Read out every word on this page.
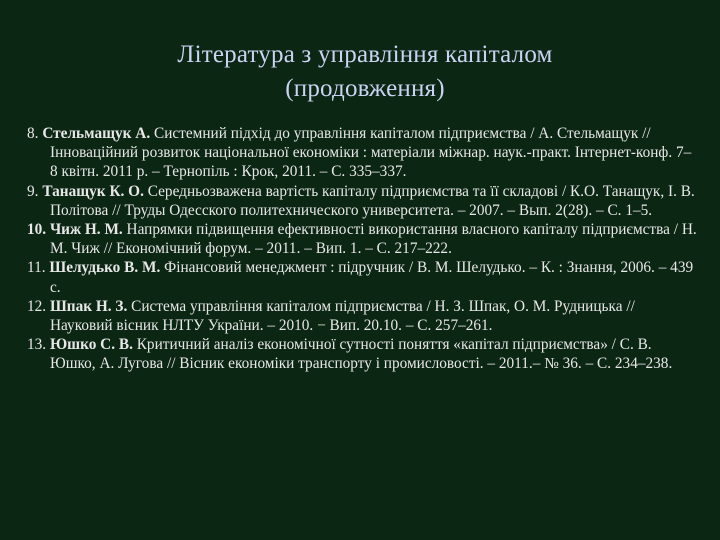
Література з управління капіталом
(продовження)

8. Стельмащук А. Системний підхід до управління капіталом підприємства / А. Стельмащук // Інноваційний розвиток національної економіки : матеріали міжнар. наук.-практ. Інтернет-конф. 7–8 квітн. 2011 р. – Тернопіль : Крок, 2011. – С. 335–337.

9. Танащук К. О. Середньозважена вартість капіталу підприємства та її складові / К.О. Танащук, І. В. Політова // Труды Одесского политехнического университета. – 2007. – Вып. 2(28). – С. 1–5.

10. Чиж Н. М. Напрямки підвищення ефективності використання власного капіталу підприємства / Н. М. Чиж // Економічний форум. – 2011. – Вип. 1. – С. 217–222.

11. Шелудько В. М. Фінансовий менеджмент : підручник / В. М. Шелудько. – К. : Знання, 2006. – 439 с.

12. Шпак Н. З. Система управління капіталом підприємства / Н. З. Шпак, О. М. Рудницька // Науковий вісник НЛТУ України. – 2010. − Вип. 20.10. – С. 257–261.

13. Юшко С. В. Критичний аналіз економічної сутності поняття «капітал підприємства» / С. В. Юшко, А. Лугова // Вісник економіки транспорту і промисловості. – 2011.– № 36. – С. 234–238.
